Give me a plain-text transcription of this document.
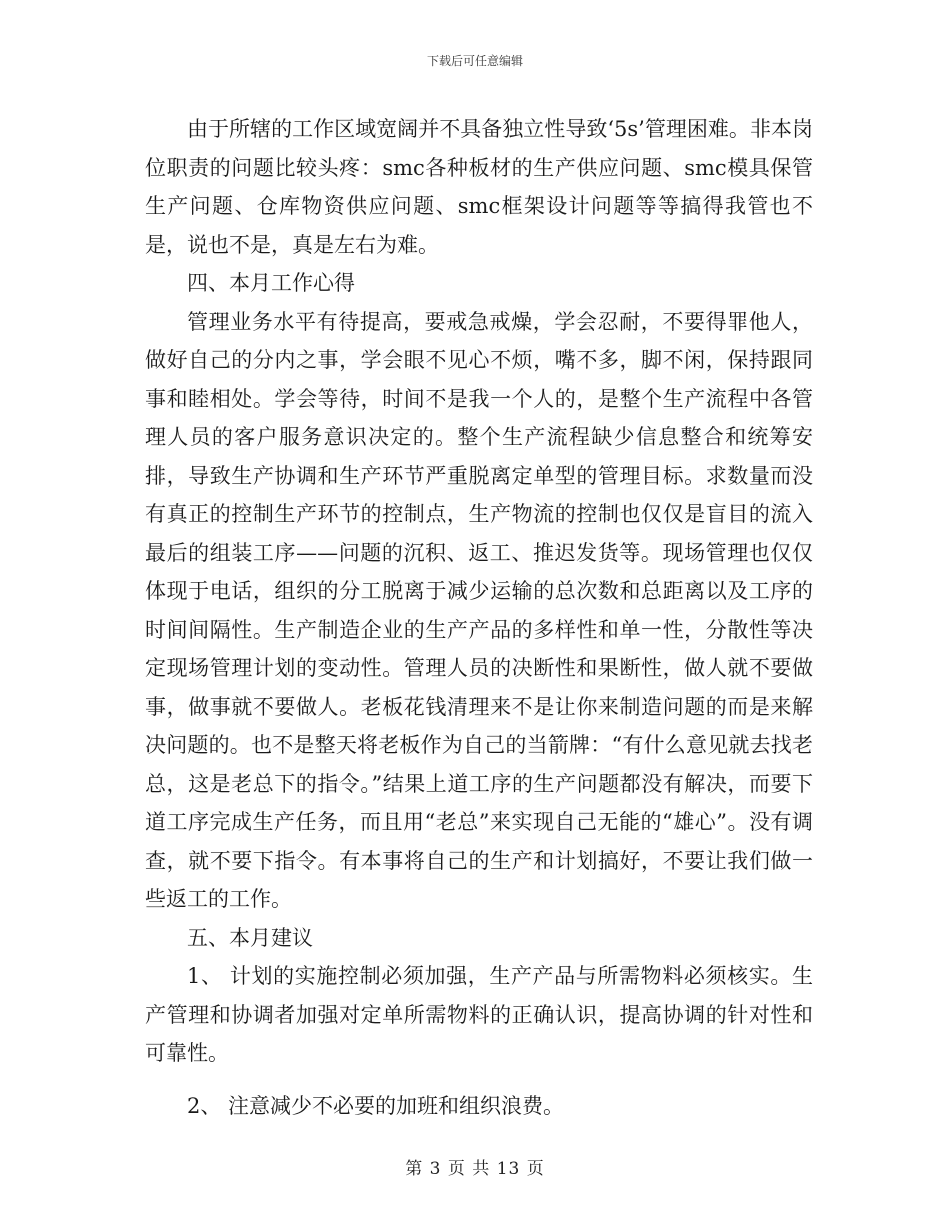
下载后可任意编辑

由于所辖的工作区域宽阔并不具备独立性导致‘5s’管理困难。非本岗位职责的问题比较头疼：smc各种板材的生产供应问题、smc模具保管生产问题、仓库物资供应问题、smc框架设计问题等等搞得我管也不是，说也不是，真是左右为难。

四、本月工作心得

管理业务水平有待提高，要戒急戒燥，学会忍耐，不要得罪他人，做好自己的分内之事，学会眼不见心不烦，嘴不多，脚不闲，保持跟同事和睦相处。学会等待，时间不是我一个人的，是整个生产流程中各管理人员的客户服务意识决定的。整个生产流程缺少信息整合和统筹安排，导致生产协调和生产环节严重脱离定单型的管理目标。求数量而没有真正的控制生产环节的控制点，生产物流的控制也仅仅是盲目的流入最后的组装工序——问题的沉积、返工、推迟发货等。现场管理也仅仅体现于电话，组织的分工脱离于减少运输的总次数和总距离以及工序的时间间隔性。生产制造企业的生产产品的多样性和单一性，分散性等决定现场管理计划的变动性。管理人员的决断性和果断性，做人就不要做事，做事就不要做人。老板花钱清理来不是让你来制造问题的而是来解决问题的。也不是整天将老板作为自己的当箭牌：“有什么意见就去找老总，这是老总下的指令。”结果上道工序的生产问题都没有解决，而要下道工序完成生产任务，而且用“老总”来实现自己无能的“雄心”。没有调查，就不要下指令。有本事将自己的生产和计划搞好，不要让我们做一些返工的工作。

五、本月建议

1、 计划的实施控制必须加强，生产产品与所需物料必须核实。生产管理和协调者加强对定单所需物料的正确认识，提高协调的针对性和可靠性。

2、 注意减少不必要的加班和组织浪费。

第 3 页 共 13 页
